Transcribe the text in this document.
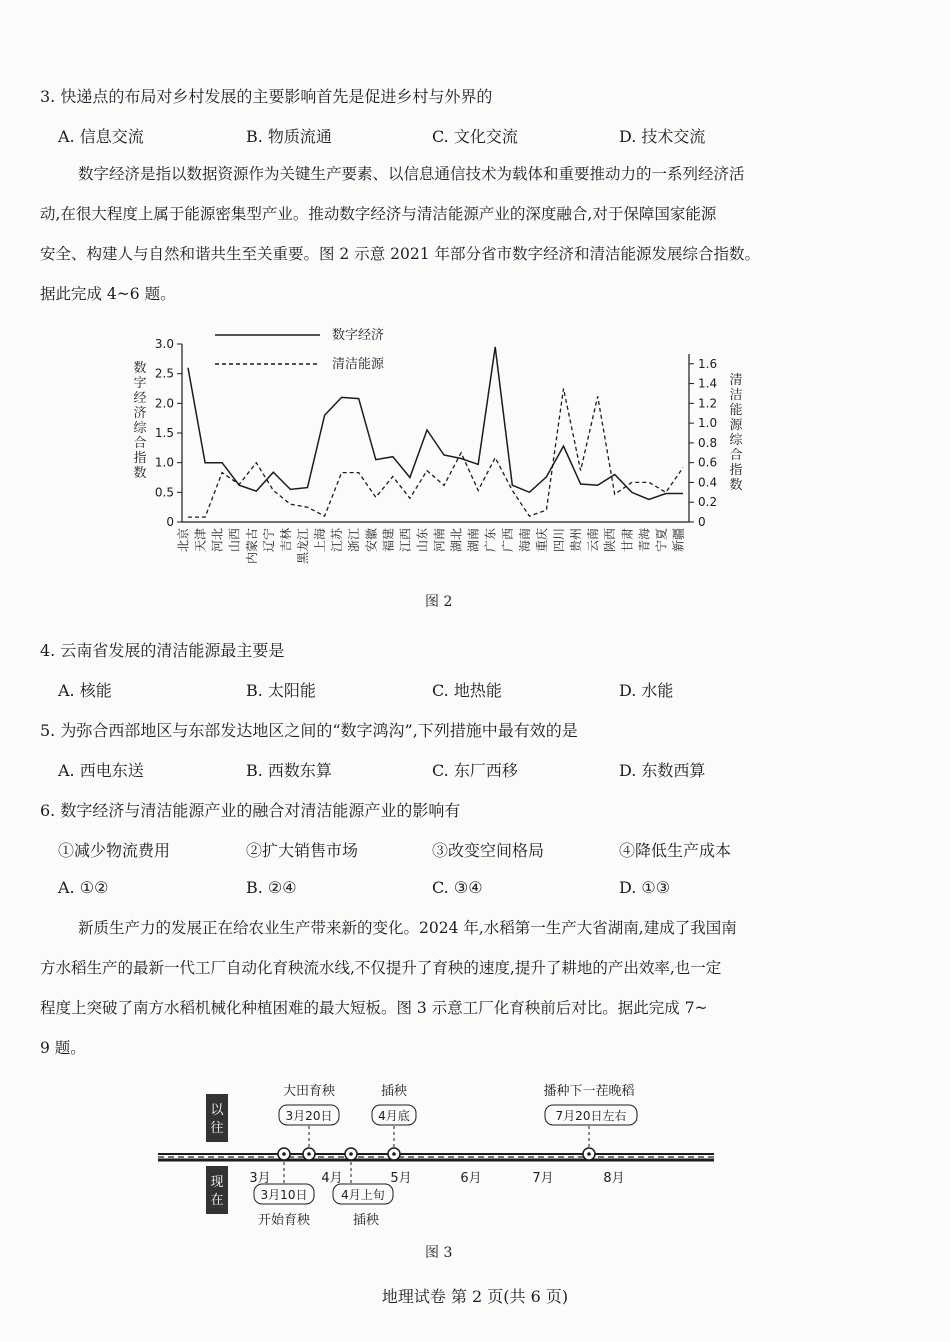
3. 快递点的布局对乡村发展的主要影响首先是促进乡村与外界的
A. 信息交流	B. 物质流通	C. 文化交流	D. 技术交流
数字经济是指以数据资源作为关键生产要素、以信息通信技术为载体和重要推动力的一系列经济活
动,在很大程度上属于能源密集型产业。推动数字经济与清洁能源产业的深度融合,对于保障国家能源
安全、构建人与自然和谐共生至关重要。图 2 示意 2021 年部分省市数字经济和清洁能源发展综合指数。
据此完成 4~6 题。
数字经济
清洁能源
0
0.5
1.0
1.5
2.0
2.5
3.0
0
0.2
0.4
0.6
0.8
1.0
1.2
1.4
1.6
北京 天津 河北 山西 内蒙古 辽宁 吉林 黑龙江 上海 江苏 浙江 安徽 福建 江西 山东 河南 湖北 湖南 广东 广西 海南 重庆 四川 贵州 云南 陕西 甘肃 青海 宁夏 新疆
数
字
经
济
综
合
指
数
清
洁
能
源
综
合
指
数
图 2
4. 云南省发展的清洁能源最主要是
A. 核能	B. 太阳能	C. 地热能	D. 水能
5. 为弥合西部地区与东部发达地区之间的“数字鸿沟”,下列措施中最有效的是
A. 西电东送	B. 西数东算	C. 东厂西移	D. 东数西算
6. 数字经济与清洁能源产业的融合对清洁能源产业的影响有
①减少物流费用	②扩大销售市场	③改变空间格局	④降低生产成本
A. ①②	B. ②④	C. ③④	D. ①③
新质生产力的发展正在给农业生产带来新的变化。2024 年,水稻第一生产大省湖南,建成了我国南
方水稻生产的最新一代工厂自动化育秧流水线,不仅提升了育秧的速度,提升了耕地的产出效率,也一定
程度上突破了南方水稻机械化种植困难的最大短板。图 3 示意工厂化育秧前后对比。据此完成 7~
9 题。
以
往
现
在
3月	4月	5月	6月	7月	8月
大田育秧
3月20日
插秧
4月底
播种下一茬晚稻
7月20日左右
3月10日
开始育秧
4月上旬
插秧
图 3
地理试卷 第 2 页(共 6 页)
